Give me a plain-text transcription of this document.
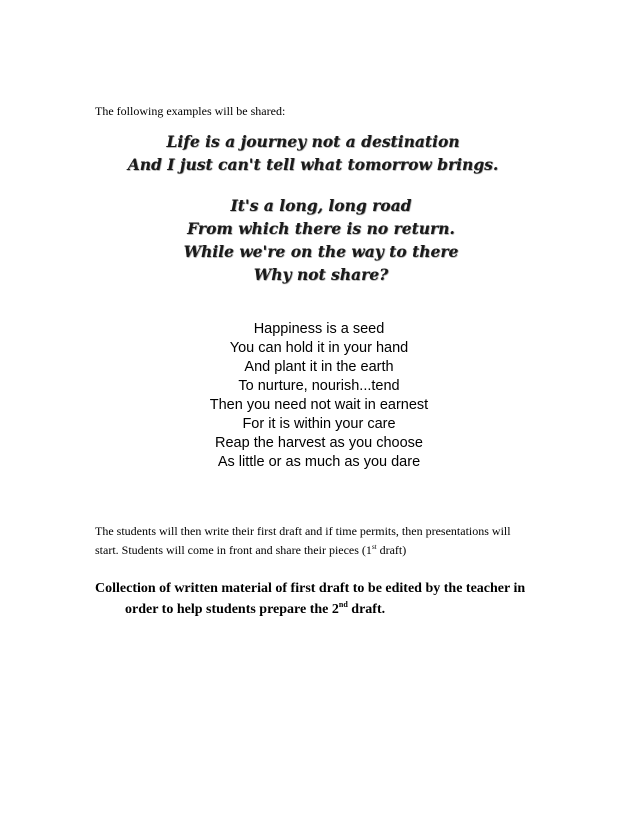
The following examples will be shared:
Life is a journey not a destination
And I just can't tell what tomorrow brings.
It's a long, long road
From which there is no return.
While we're on the way to there
Why not share?
Happiness is a seed
You can hold it in your hand
And plant it in the earth
To nurture, nourish...tend
Then you need not wait in earnest
For it is within your care
Reap the harvest as you choose
As little or as much as you dare
The students will then write their first draft and if time permits, then presentations will
start. Students will come in front and share their pieces (1st draft)
Collection of written material of first draft to be edited by the teacher in
order to help students prepare the 2nd draft.
